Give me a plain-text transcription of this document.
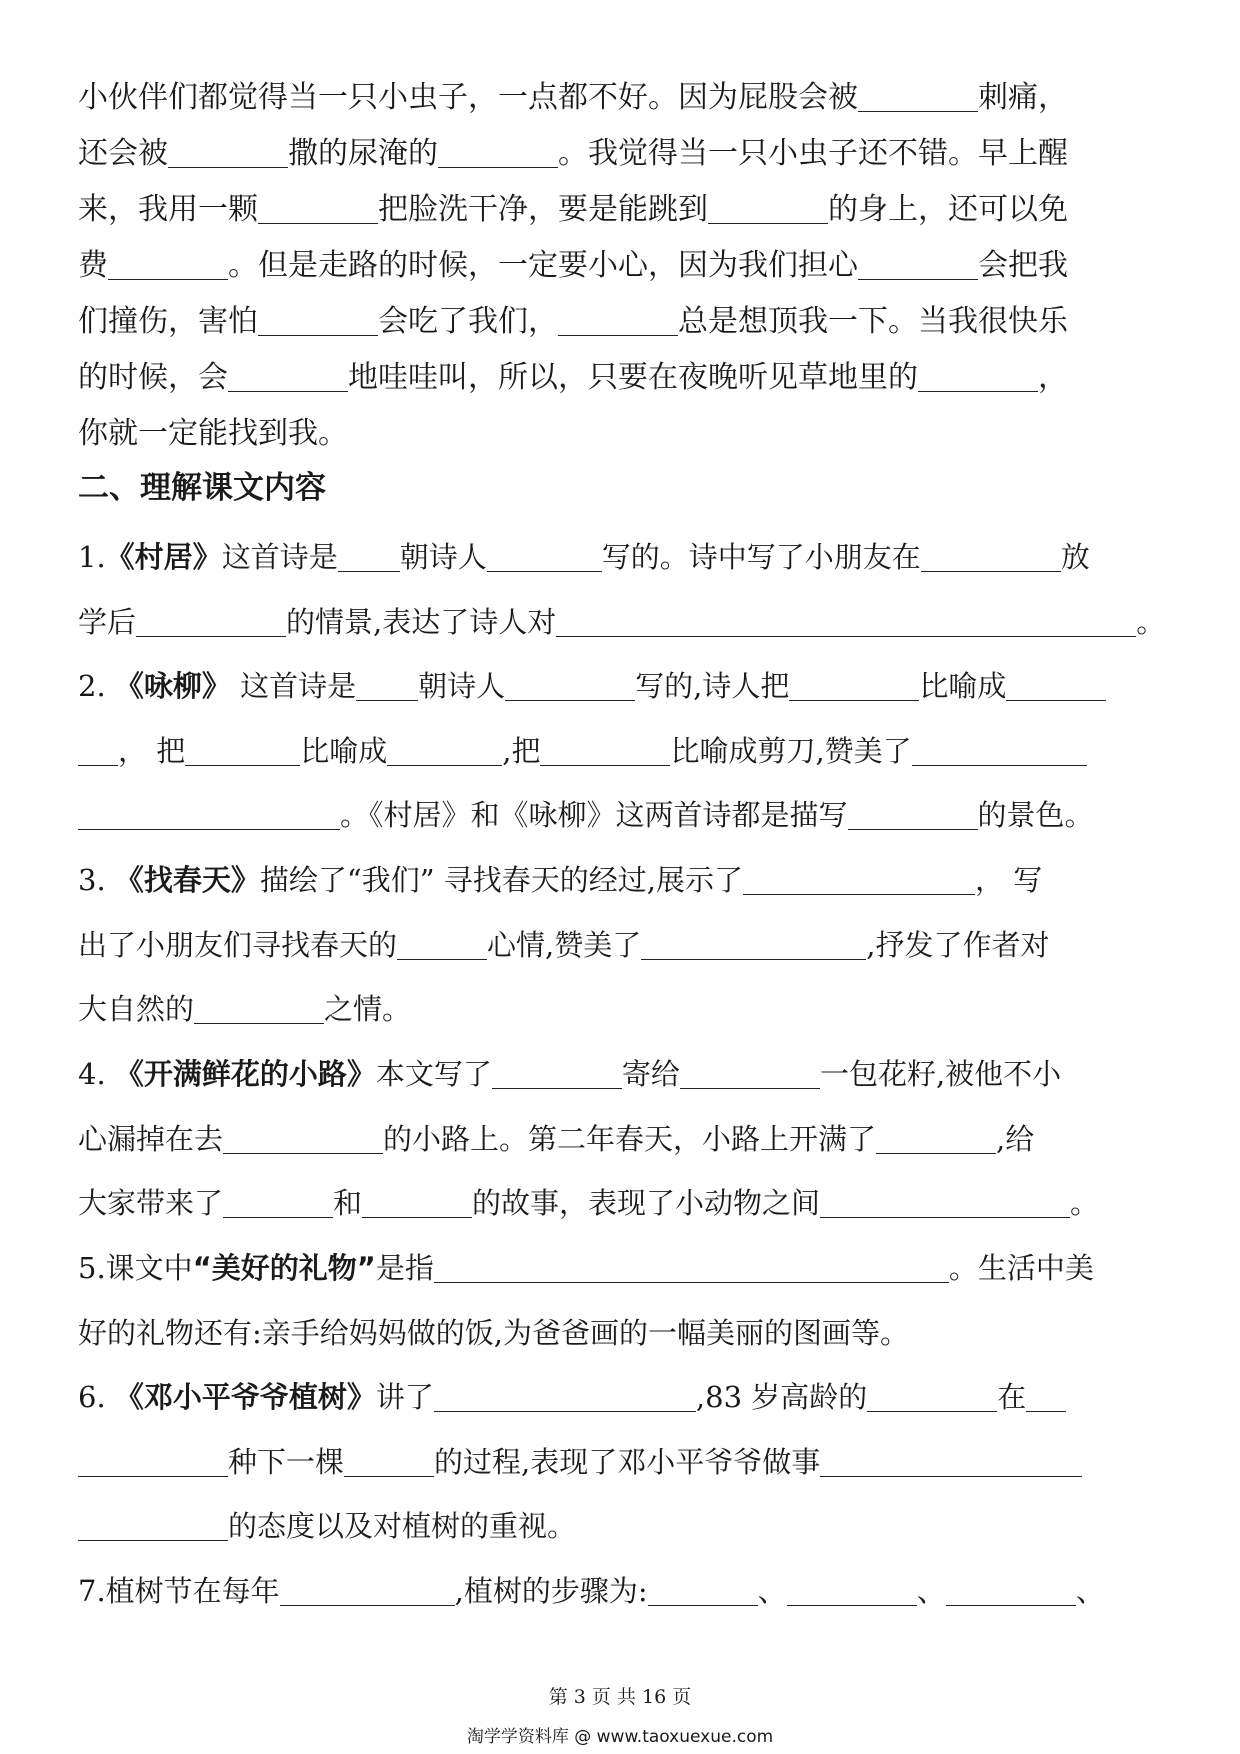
小伙伴们都觉得当一只小虫子，一点都不好。因为屁股会被	刺痛，
还会被	撒的尿淹的	。我觉得当一只小虫子还不错。早上醒
来，我用一颗	把脸洗干净，要是能跳到	的身上，还可以免
费	。但是走路的时候，一定要小心，因为我们担心	会把我
们撞伤，害怕	会吃了我们，	总是想顶我一下。当我很快乐
的时候，会	地哇哇叫，所以，只要在夜晚听见草地里的	，
你就一定能找到我。
二、理解课文内容
1.《村居》这首诗是 朝诗人	写的。诗中写了小朋友在	放
学后	的情景,表达了诗人对	。
2. 《咏柳》 这首诗是 朝诗人	写的,诗人把	比喻成
， 把	比喻成	,把	比喻成剪刀,赞美了
。《村居》和《咏柳》这两首诗都是描写	的景色。
3. 《找春天》描绘了“我们” 寻找春天的经过,展示了	， 写
出了小朋友们寻找春天的	心情,赞美了	,抒发了作者对
大自然的	之情。
4. 《开满鲜花的小路》本文写了	寄给	一包花籽,被他不小
心漏掉在去	的小路上。第二年春天，小路上开满了	,给
大家带来了	和	的故事，表现了小动物之间	。
5.课文中“美好的礼物”是指	。生活中美
好的礼物还有:亲手给妈妈做的饭,为爸爸画的一幅美丽的图画等。
6. 《邓小平爷爷植树》讲了	,83 岁高龄的	在
种下一棵	的过程,表现了邓小平爷爷做事
的态度以及对植树的重视。
7.植树节在每年	,植树的步骤为:	、	、	、
第 3 页 共 16 页
淘学学资料库 @ www.taoxuexue.com
